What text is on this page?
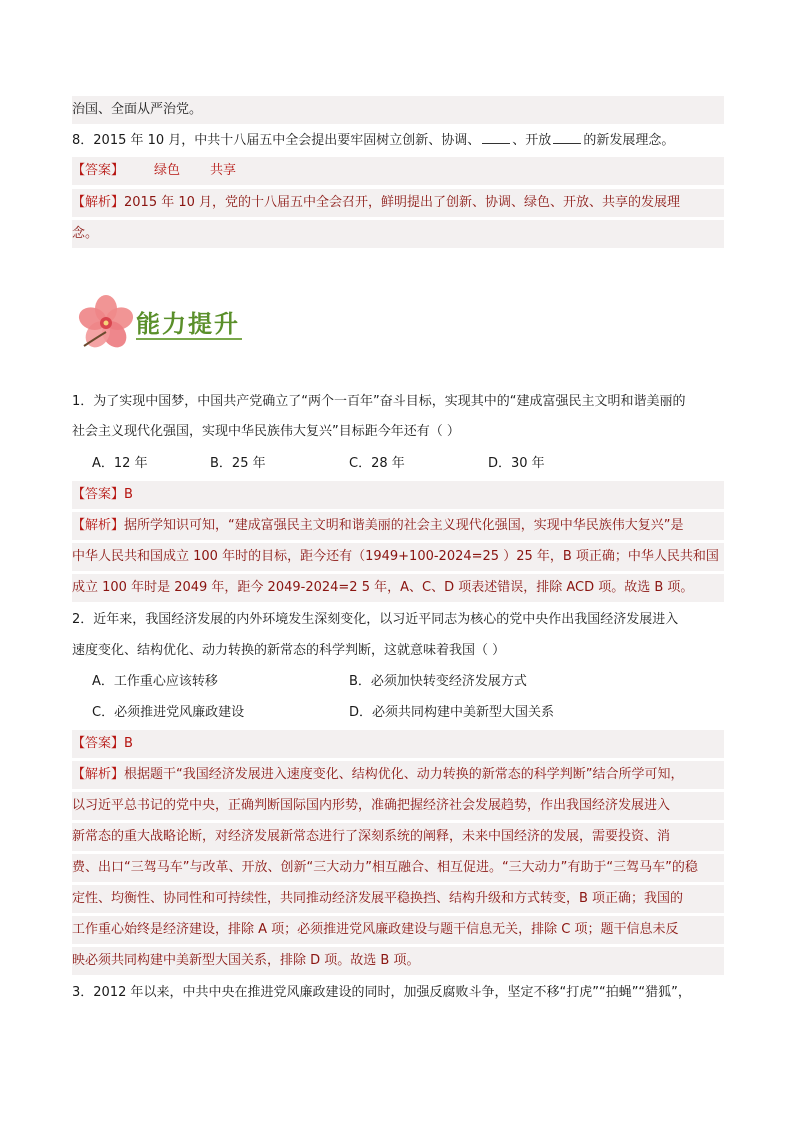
治国、全面从严治党。
8．2015 年 10 月，中共十八届五中全会提出要牢固树立创新、协调、 、开放 的新发展理念。
【答案】 绿色 共享
【解析】2015 年 10 月，党的十八届五中全会召开，鲜明提出了创新、协调、绿色、开放、共享的发展理
念。
能力提升
1．为了实现中国梦，中国共产党确立了“两个一百年”奋斗目标，实现其中的“建成富强民主文明和谐美丽的
社会主义现代化强国，实现中华民族伟大复兴”目标距今年还有（ ）
A．12 年	B．25 年	C．28 年	D．30 年
【答案】B
【解析】据所学知识可知，“建成富强民主文明和谐美丽的社会主义现代化强国，实现中华民族伟大复兴”是
中华人民共和国成立 100 年时的目标，距今还有（1949+100-2024=25 ）25 年，B 项正确；中华人民共和国
成立 100 年时是 2049 年，距今 2049-2024=2 5 年，A、C、D 项表述错误，排除 ACD 项。故选 B 项。
2．近年来，我国经济发展的内外环境发生深刻变化，以习近平同志为核心的党中央作出我国经济发展进入
速度变化、结构优化、动力转换的新常态的科学判断，这就意味着我国（ ）
A．工作重心应该转移	B．必须加快转变经济发展方式
C．必须推进党风廉政建设	D．必须共同构建中美新型大国关系
【答案】B
【解析】根据题干“我国经济发展进入速度变化、结构优化、动力转换的新常态的科学判断”结合所学可知，
以习近平总书记的党中央，正确判断国际国内形势，准确把握经济社会发展趋势，作出我国经济发展进入
新常态的重大战略论断，对经济发展新常态进行了深刻系统的阐释，未来中国经济的发展，需要投资、消
费、出口“三驾马车”与改革、开放、创新“三大动力”相互融合、相互促进。“三大动力”有助于“三驾马车”的稳
定性、均衡性、协同性和可持续性，共同推动经济发展平稳换挡、结构升级和方式转变，B 项正确；我国的
工作重心始终是经济建设，排除 A 项；必须推进党风廉政建设与题干信息无关，排除 C 项；题干信息未反
映必须共同构建中美新型大国关系，排除 D 项。故选 B 项。
3．2012 年以来，中共中央在推进党风廉政建设的同时，加强反腐败斗争，坚定不移“打虎”“拍蝇”“猎狐”，
